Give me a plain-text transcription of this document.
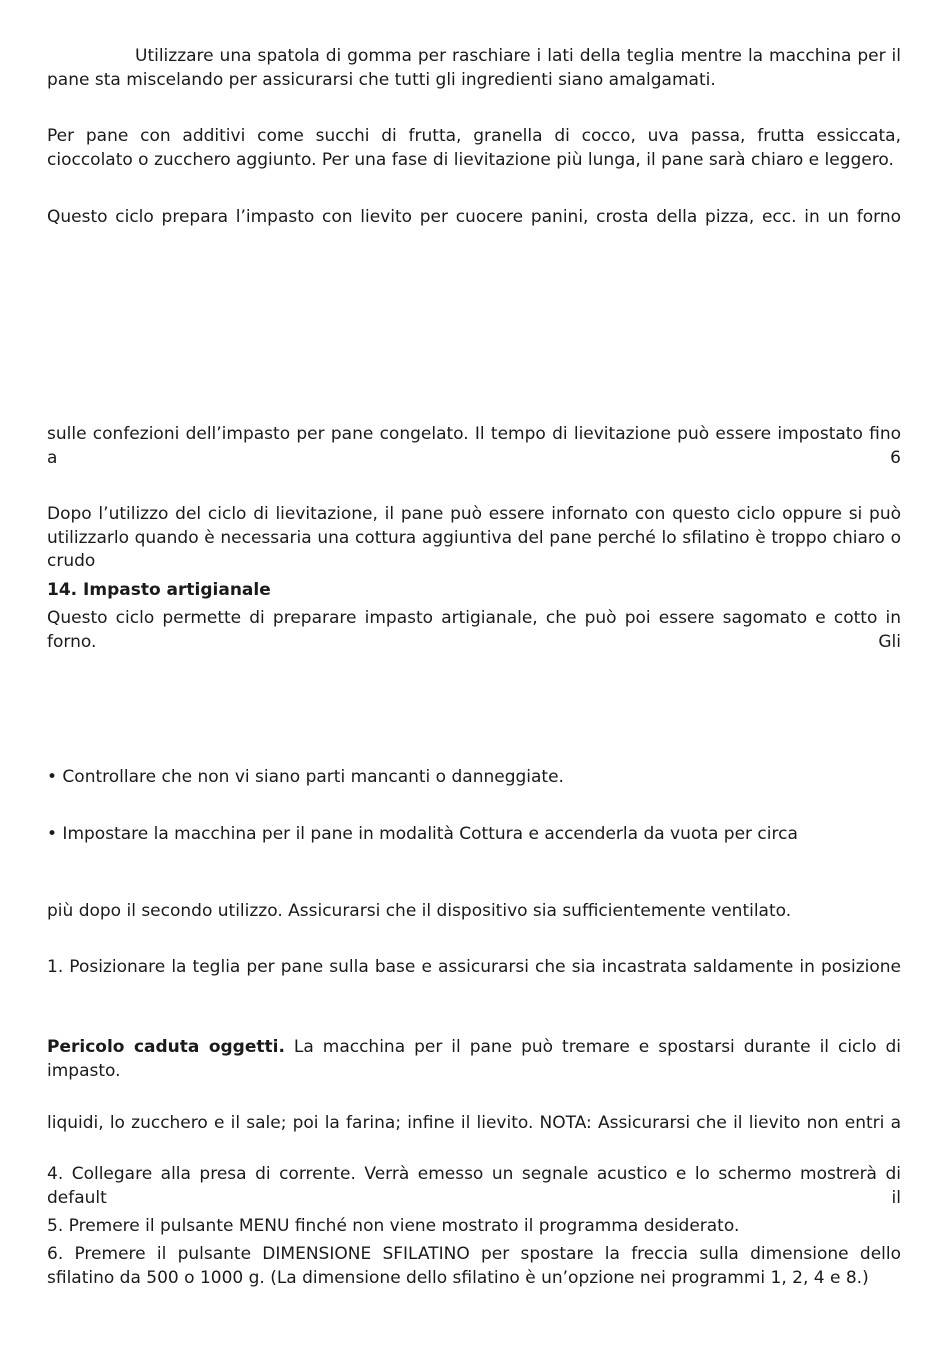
Utilizzare una spatola di gomma per raschiare i lati della teglia mentre la macchina per il pane sta miscelando per assicurarsi che tutti gli ingredienti siano amalgamati.

Per pane con additivi come succhi di frutta, granella di cocco, uva passa, frutta essiccata, cioccolato o zucchero aggiunto. Per una fase di lievitazione più lunga, il pane sarà chiaro e leggero.

Questo ciclo prepara l’impasto con lievito per cuocere panini, crosta della pizza, ecc. in un forno

sulle confezioni dell’impasto per pane congelato. Il tempo di lievitazione può essere impostato fino a 6

Dopo l’utilizzo del ciclo di lievitazione, il pane può essere infornato con questo ciclo oppure si può utilizzarlo quando è necessaria una cottura aggiuntiva del pane perché lo sfilatino è troppo chiaro o crudo

14. Impasto artigianale

Questo ciclo permette di preparare impasto artigianale, che può poi essere sagomato e cotto in forno. Gli

• Controllare che non vi siano parti mancanti o danneggiate.

• Impostare la macchina per il pane in modalità Cottura e accenderla da vuota per circa

più dopo il secondo utilizzo. Assicurarsi che il dispositivo sia sufficientemente ventilato.

1. Posizionare la teglia per pane sulla base e assicurarsi che sia incastrata saldamente in posizione

Pericolo caduta oggetti. La macchina per il pane può tremare e spostarsi durante il ciclo di impasto.

liquidi, lo zucchero e il sale; poi la farina; infine il lievito. NOTA: Assicurarsi che il lievito non entri a

4. Collegare alla presa di corrente. Verrà emesso un segnale acustico e lo schermo mostrerà di default il

5. Premere il pulsante MENU finché non viene mostrato il programma desiderato.

6. Premere il pulsante DIMENSIONE SFILATINO per spostare la freccia sulla dimensione dello sfilatino da 500 o 1000 g. (La dimensione dello sfilatino è un’opzione nei programmi 1, 2, 4 e 8.)
